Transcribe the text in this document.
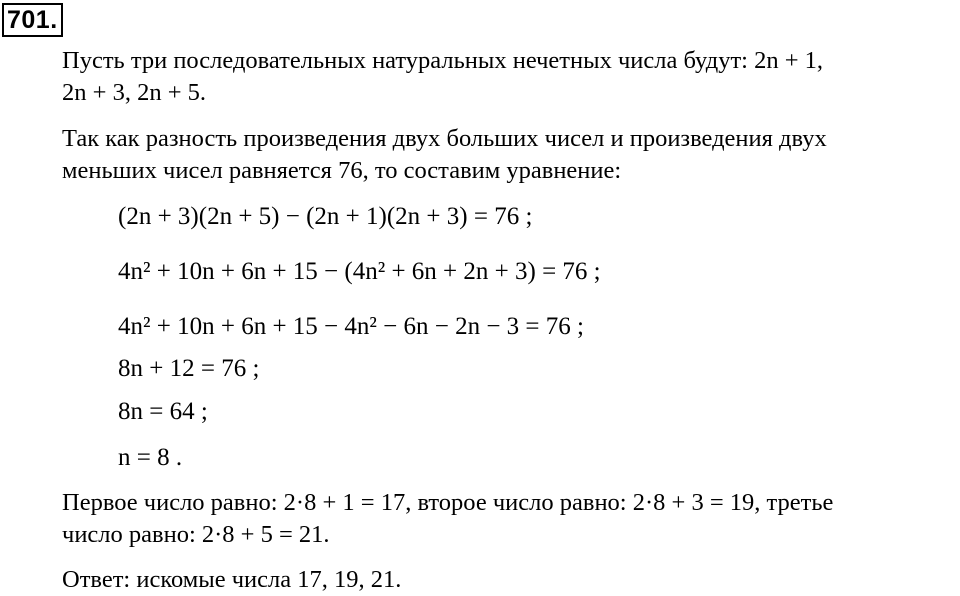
701.
Пусть три последовательных натуральных нечетных числа будут: 2n + 1,
2n + 3, 2n + 5.
Так как разность произведения двух больших чисел и произведения двух
меньших чисел равняется 76, то составим уравнение:
(2n + 3)(2n + 5) − (2n + 1)(2n + 3) = 76 ;
4n² + 10n + 6n + 15 − (4n² + 6n + 2n + 3) = 76 ;
4n² + 10n + 6n + 15 − 4n² − 6n − 2n − 3 = 76 ;
8n + 12 = 76 ;
8n = 64 ;
n = 8 .
Первое число равно: 2·8 + 1 = 17, второе число равно: 2·8 + 3 = 19, третье
число равно: 2·8 + 5 = 21.
Ответ: искомые числа 17, 19, 21.
